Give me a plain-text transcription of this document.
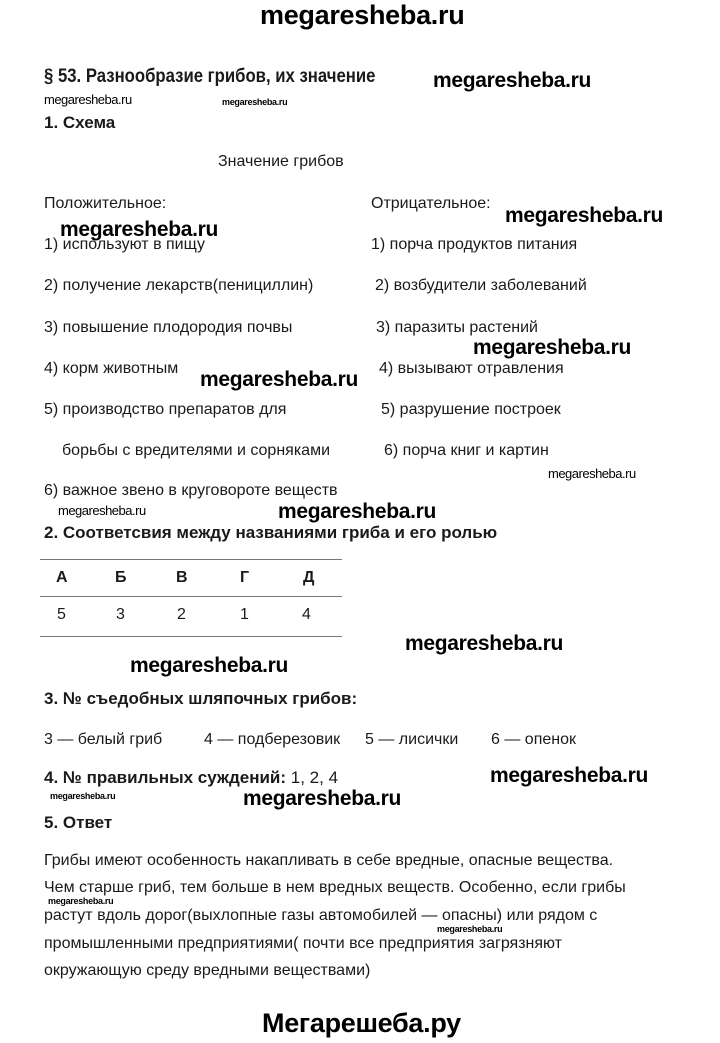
megaresheba.ru
§ 53. Разнообразие грибов, их значение	megaresheba.ru
megaresheba.ru	megaresheba.ru
1. Схема
Значение грибов
Положительное:	Отрицательное:
megaresheba.ru
megaresheba.ru
1) используют в пищу	1) порча продуктов питания
2) получение лекарств(пенициллин)	2) возбудители заболеваний
3) повышение плодородия почвы	3) паразиты растений
megaresheba.ru
4) корм животным	4) вызывают отравления
megaresheba.ru
5) производство препаратов для	5) разрушение построек
борьбы с вредителями и сорняками	6) порча книг и картин
megaresheba.ru
6) важное звено в круговороте веществ
megaresheba.ru	megaresheba.ru
2. Соответсвия между названиями гриба и его ролью
А	Б	В	Г	Д
5	3	2	1	4
megaresheba.ru
megaresheba.ru
3. № съедобных шляпочных грибов:
3 — белый гриб	4 — подберезовик 5 — лисички 6 — опенок
4. № правильных суждений: 1, 2, 4	megaresheba.ru
megaresheba.ru	megaresheba.ru
5. Ответ
Грибы имеют особенность накапливать в себе вредные, опасные вещества.
Чем старше гриб, тем больше в нем вредных веществ. Особенно, если грибы
megaresheba.ru
растут вдоль дорог(выхлопные газы автомобилей — опасны) или рядом с
megaresheba.ru
промышленными предприятиями( почти все предприятия загрязняют
окружающую среду вредными веществами)
Мегарешеба.ру
